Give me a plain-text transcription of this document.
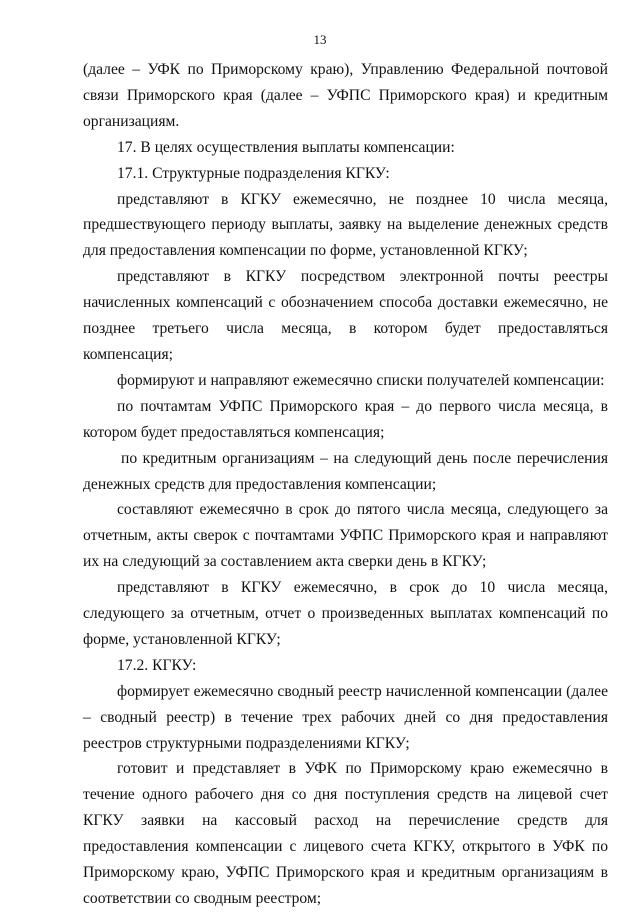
13

(далее – УФК по Приморскому краю), Управлению Федеральной почтовой связи Приморского края (далее – УФПС Приморского края) и кредитным организациям.

17. В целях осуществления выплаты компенсации:

17.1. Структурные подразделения КГКУ:

представляют в КГКУ ежемесячно, не позднее 10 числа месяца, предшествующего периоду выплаты, заявку на выделение денежных средств для предоставления компенсации по форме, установленной КГКУ;

представляют в КГКУ посредством электронной почты реестры начисленных компенсаций с обозначением способа доставки ежемесячно, не позднее третьего числа месяца, в котором будет предоставляться компенсация;

формируют и направляют ежемесячно списки получателей компенсации:

по почтамтам УФПС Приморского края – до первого числа месяца, в котором будет предоставляться компенсация;

по кредитным организациям – на следующий день после перечисления денежных средств для предоставления компенсации;

составляют ежемесячно в срок до пятого числа месяца, следующего за отчетным, акты сверок с почтамтами УФПС Приморского края и направляют их на следующий за составлением акта сверки день в КГКУ;

представляют в КГКУ ежемесячно, в срок до 10 числа месяца, следующего за отчетным, отчет о произведенных выплатах компенсаций по форме, установленной КГКУ;

17.2. КГКУ:

формирует ежемесячно сводный реестр начисленной компенсации (далее – сводный реестр) в течение трех рабочих дней со дня предоставления реестров структурными подразделениями КГКУ;

готовит и представляет в УФК по Приморскому краю ежемесячно в течение одного рабочего дня со дня поступления средств на лицевой счет КГКУ заявки на кассовый расход на перечисление средств для предоставления компенсации с лицевого счета КГКУ, открытого в УФК по Приморскому краю, УФПС Приморского края и кредитным организациям в соответствии со сводным реестром;
